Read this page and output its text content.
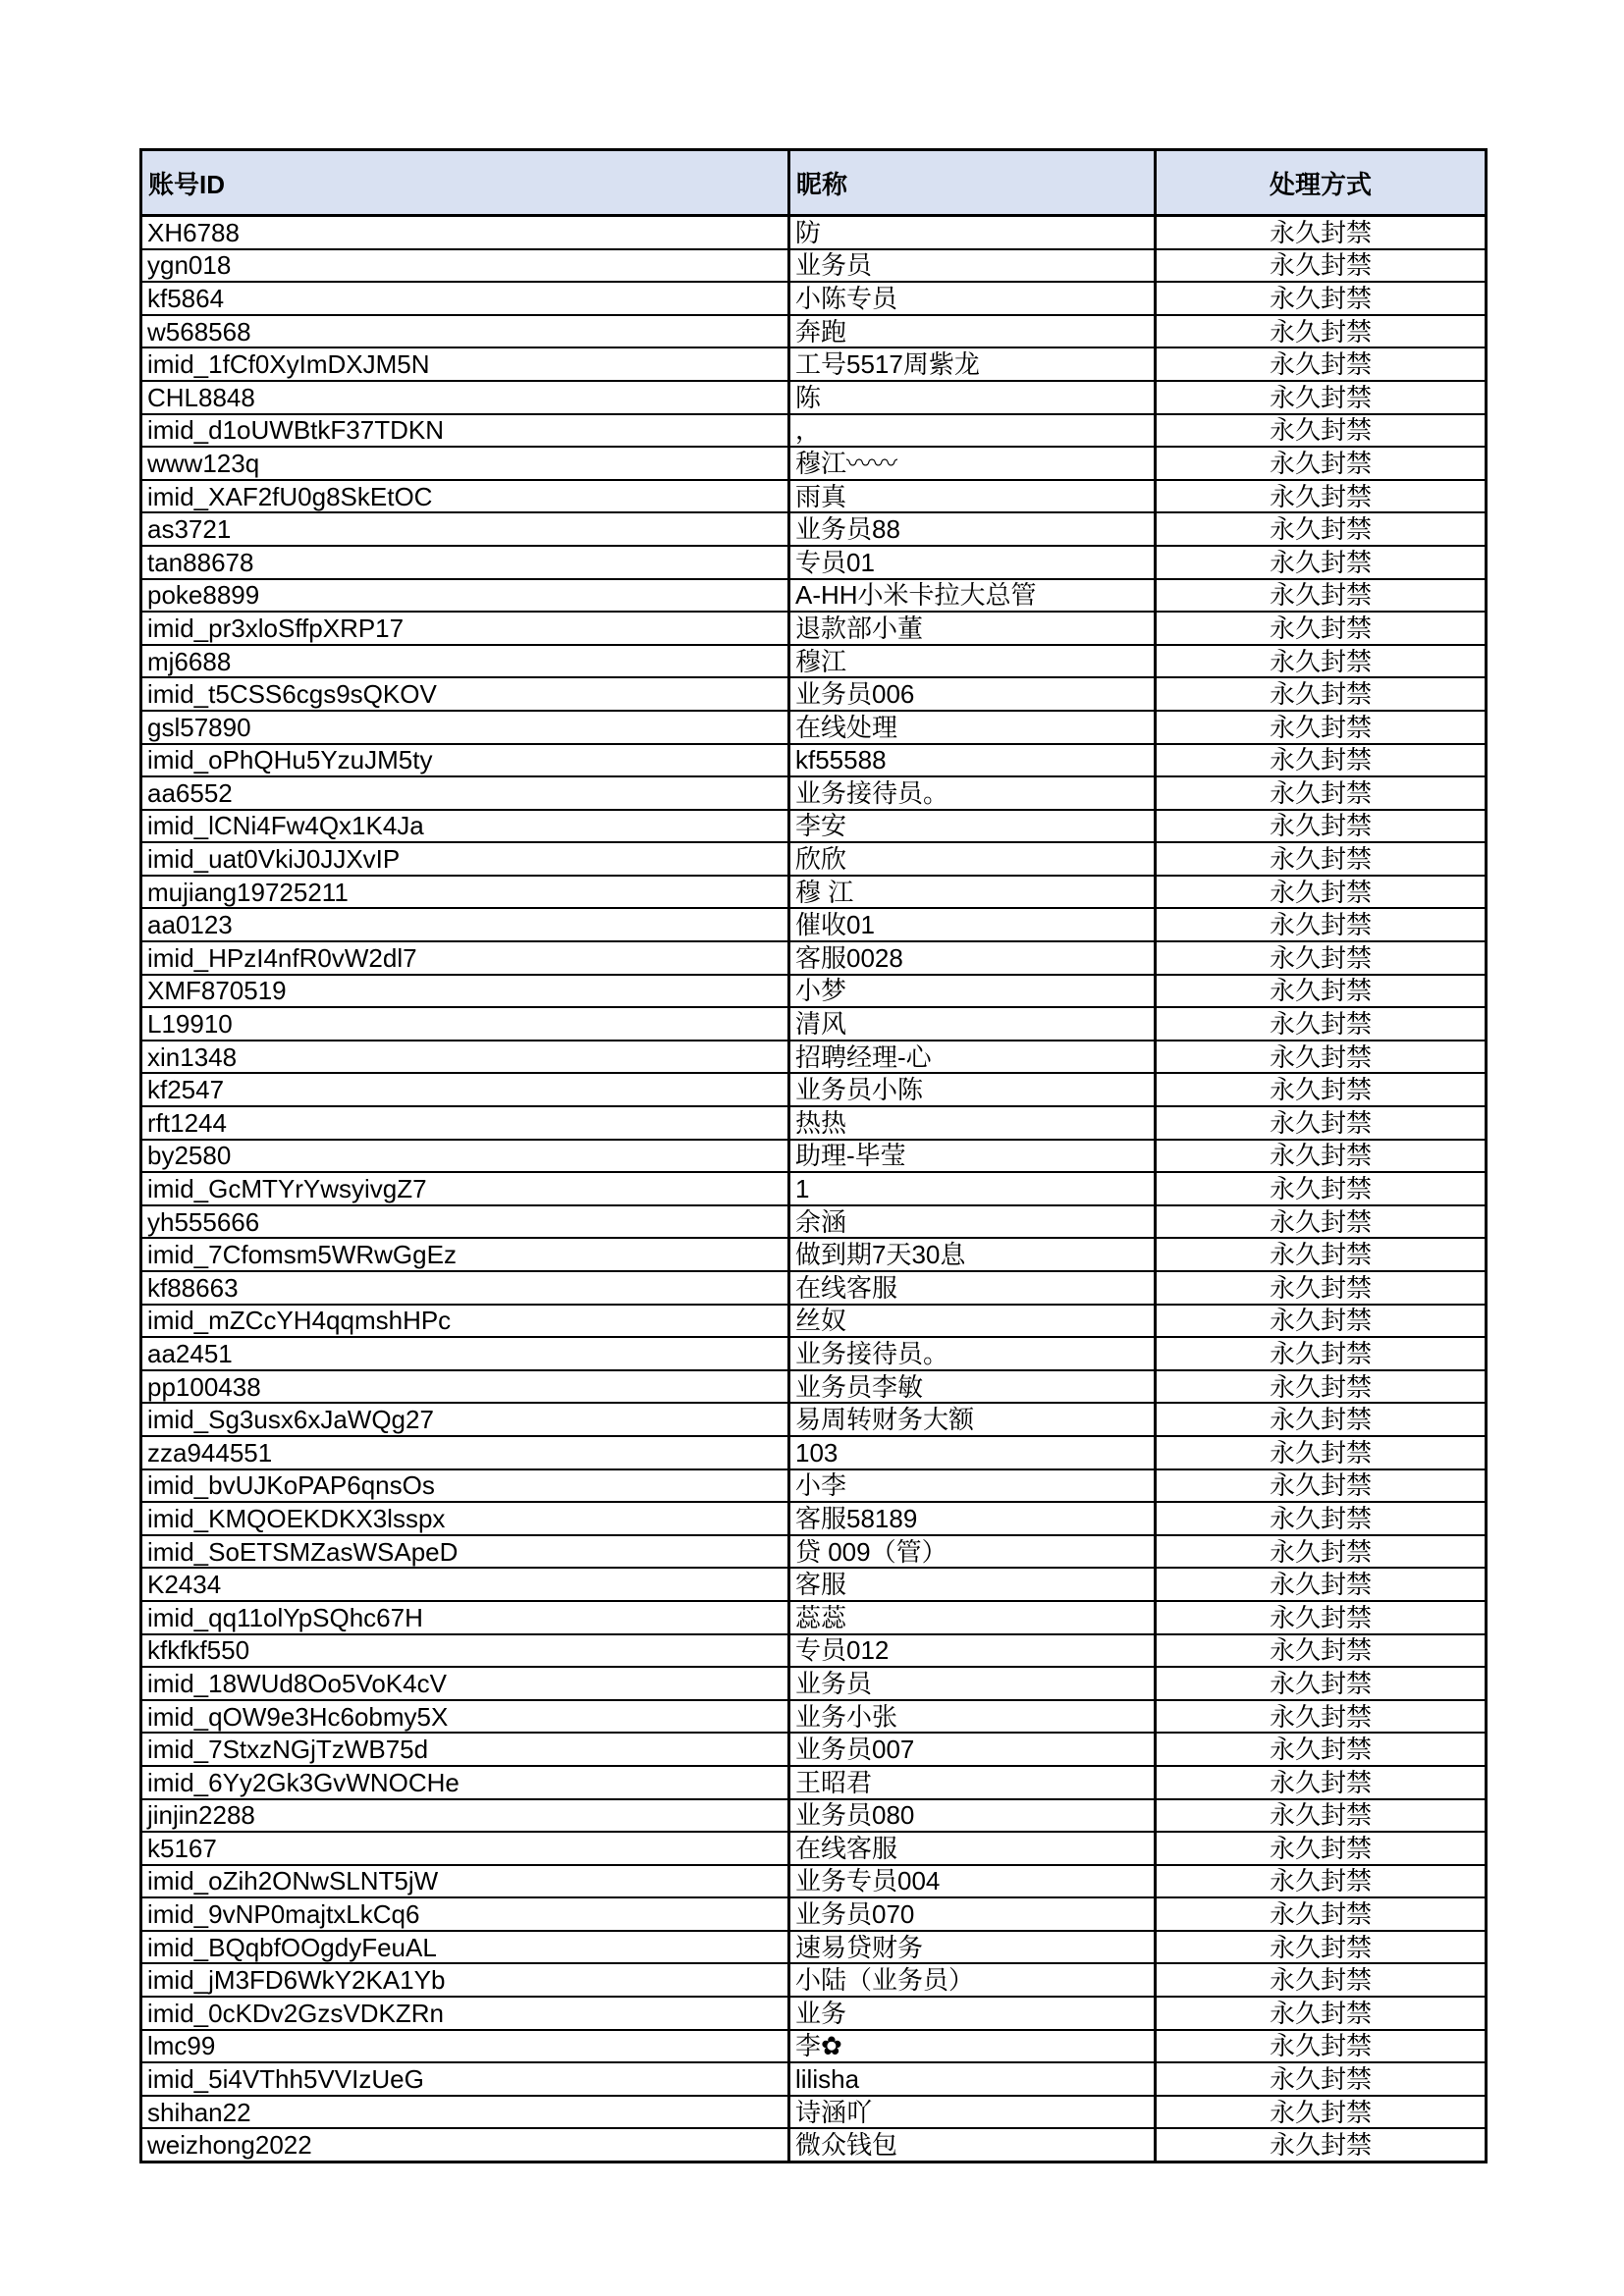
账号ID	昵称	处理方式
XH6788	防	永久封禁
ygn018	业务员	永久封禁
kf5864	小陈专员	永久封禁
w568568	奔跑	永久封禁
imid_1fCf0XyImDXJM5N	工号5517周紫龙	永久封禁
CHL8848	陈	永久封禁
imid_d1oUWBtkF37TDKN	，	永久封禁
www123q	穆江〰〰	永久封禁
imid_XAF2fU0g8SkEtOC	雨真	永久封禁
as3721	业务员88	永久封禁
tan88678	专员01	永久封禁
poke8899	A-HH小米卡拉大总管	永久封禁
imid_pr3xloSffpXRP17	退款部小董	永久封禁
mj6688	穆江	永久封禁
imid_t5CSS6cgs9sQKOV	业务员006	永久封禁
gsl57890	在线处理	永久封禁
imid_oPhQHu5YzuJM5ty	kf55588	永久封禁
aa6552	业务接待员。	永久封禁
imid_lCNi4Fw4Qx1K4Ja	李安	永久封禁
imid_uat0VkiJ0JJXvIP	欣欣	永久封禁
mujiang19725211	穆 江	永久封禁
aa0123	催收01	永久封禁
imid_HPzI4nfR0vW2dl7	客服0028	永久封禁
XMF870519	小梦	永久封禁
L19910	清风	永久封禁
xin1348	招聘经理-心	永久封禁
kf2547	业务员小陈	永久封禁
rft1244	热热	永久封禁
by2580	助理-毕莹	永久封禁
imid_GcMTYrYwsyivgZ7	1	永久封禁
yh555666	余涵	永久封禁
imid_7Cfomsm5WRwGgEz	做到期7天30息	永久封禁
kf88663	在线客服	永久封禁
imid_mZCcYH4qqmshHPc	丝奴	永久封禁
aa2451	业务接待员。	永久封禁
pp100438	业务员李敏	永久封禁
imid_Sg3usx6xJaWQg27	易周转财务大额	永久封禁
zza944551	103	永久封禁
imid_bvUJKoPAP6qnsOs	小李	永久封禁
imid_KMQOEKDKX3lsspx	客服58189	永久封禁
imid_SoETSMZasWSApeD	贷 009（管）	永久封禁
K2434	客服	永久封禁
imid_qq11olYpSQhc67H	蕊蕊	永久封禁
kfkfkf550	专员012	永久封禁
imid_18WUd8Oo5VoK4cV	业务员	永久封禁
imid_qOW9e3Hc6obmy5X	业务小张	永久封禁
imid_7StxzNGjTzWB75d	业务员007	永久封禁
imid_6Yy2Gk3GvWNOCHe	王昭君	永久封禁
jinjin2288	业务员080	永久封禁
k5167	在线客服	永久封禁
imid_oZih2ONwSLNT5jW	业务专员004	永久封禁
imid_9vNP0majtxLkCq6	业务员070	永久封禁
imid_BQqbfOOgdyFeuAL	速易贷财务	永久封禁
imid_jM3FD6WkY2KA1Yb	小陆（业务员）	永久封禁
imid_0cKDv2GzsVDKZRn	业务	永久封禁
lmc99	李✿	永久封禁
imid_5i4VThh5VVIzUeG	lilisha	永久封禁
shihan22	诗涵吖	永久封禁
weizhong2022	微众钱包	永久封禁
